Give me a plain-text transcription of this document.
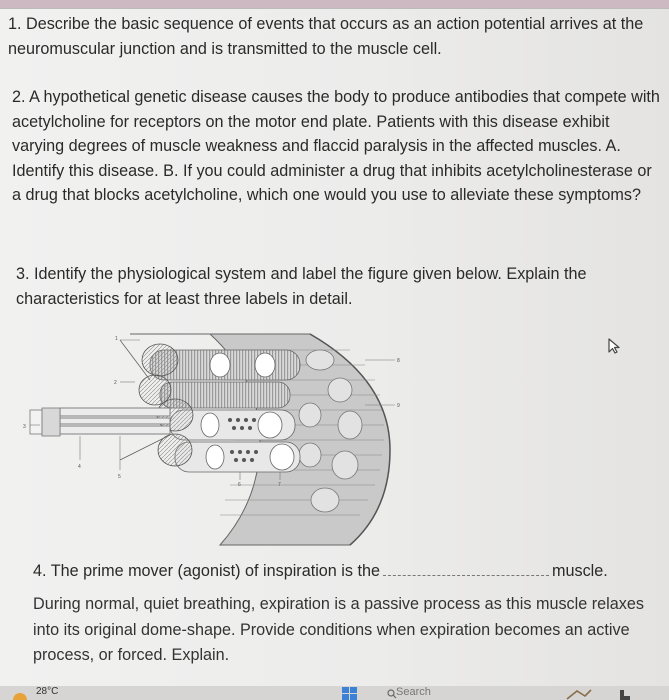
1. Describe the basic sequence of events that occurs as an action potential arrives at the neuromuscular junction and is transmitted to the muscle cell.

2. A hypothetical genetic disease causes the body to produce antibodies that compete with acetylcholine for receptors on the motor end plate. Patients with this disease exhibit varying degrees of muscle weakness and flaccid paralysis in the affected muscles. A. Identify this disease. B. If you could administer a drug that inhibits acetylcholinesterase or a drug that blocks acetylcholine, which one would you use to alleviate these symptoms?

3. Identify the physiological system and label the figure given below. Explain the characteristics for at least three labels in detail.

1
2
3
4
5
6	7
8
9

4. The prime mover (agonist) of inspiration is the	muscle.

During normal, quiet breathing, expiration is a passive process as this muscle relaxes into its original dome-shape. Provide conditions when expiration becomes an active process, or forced. Explain.

28°C	Search
